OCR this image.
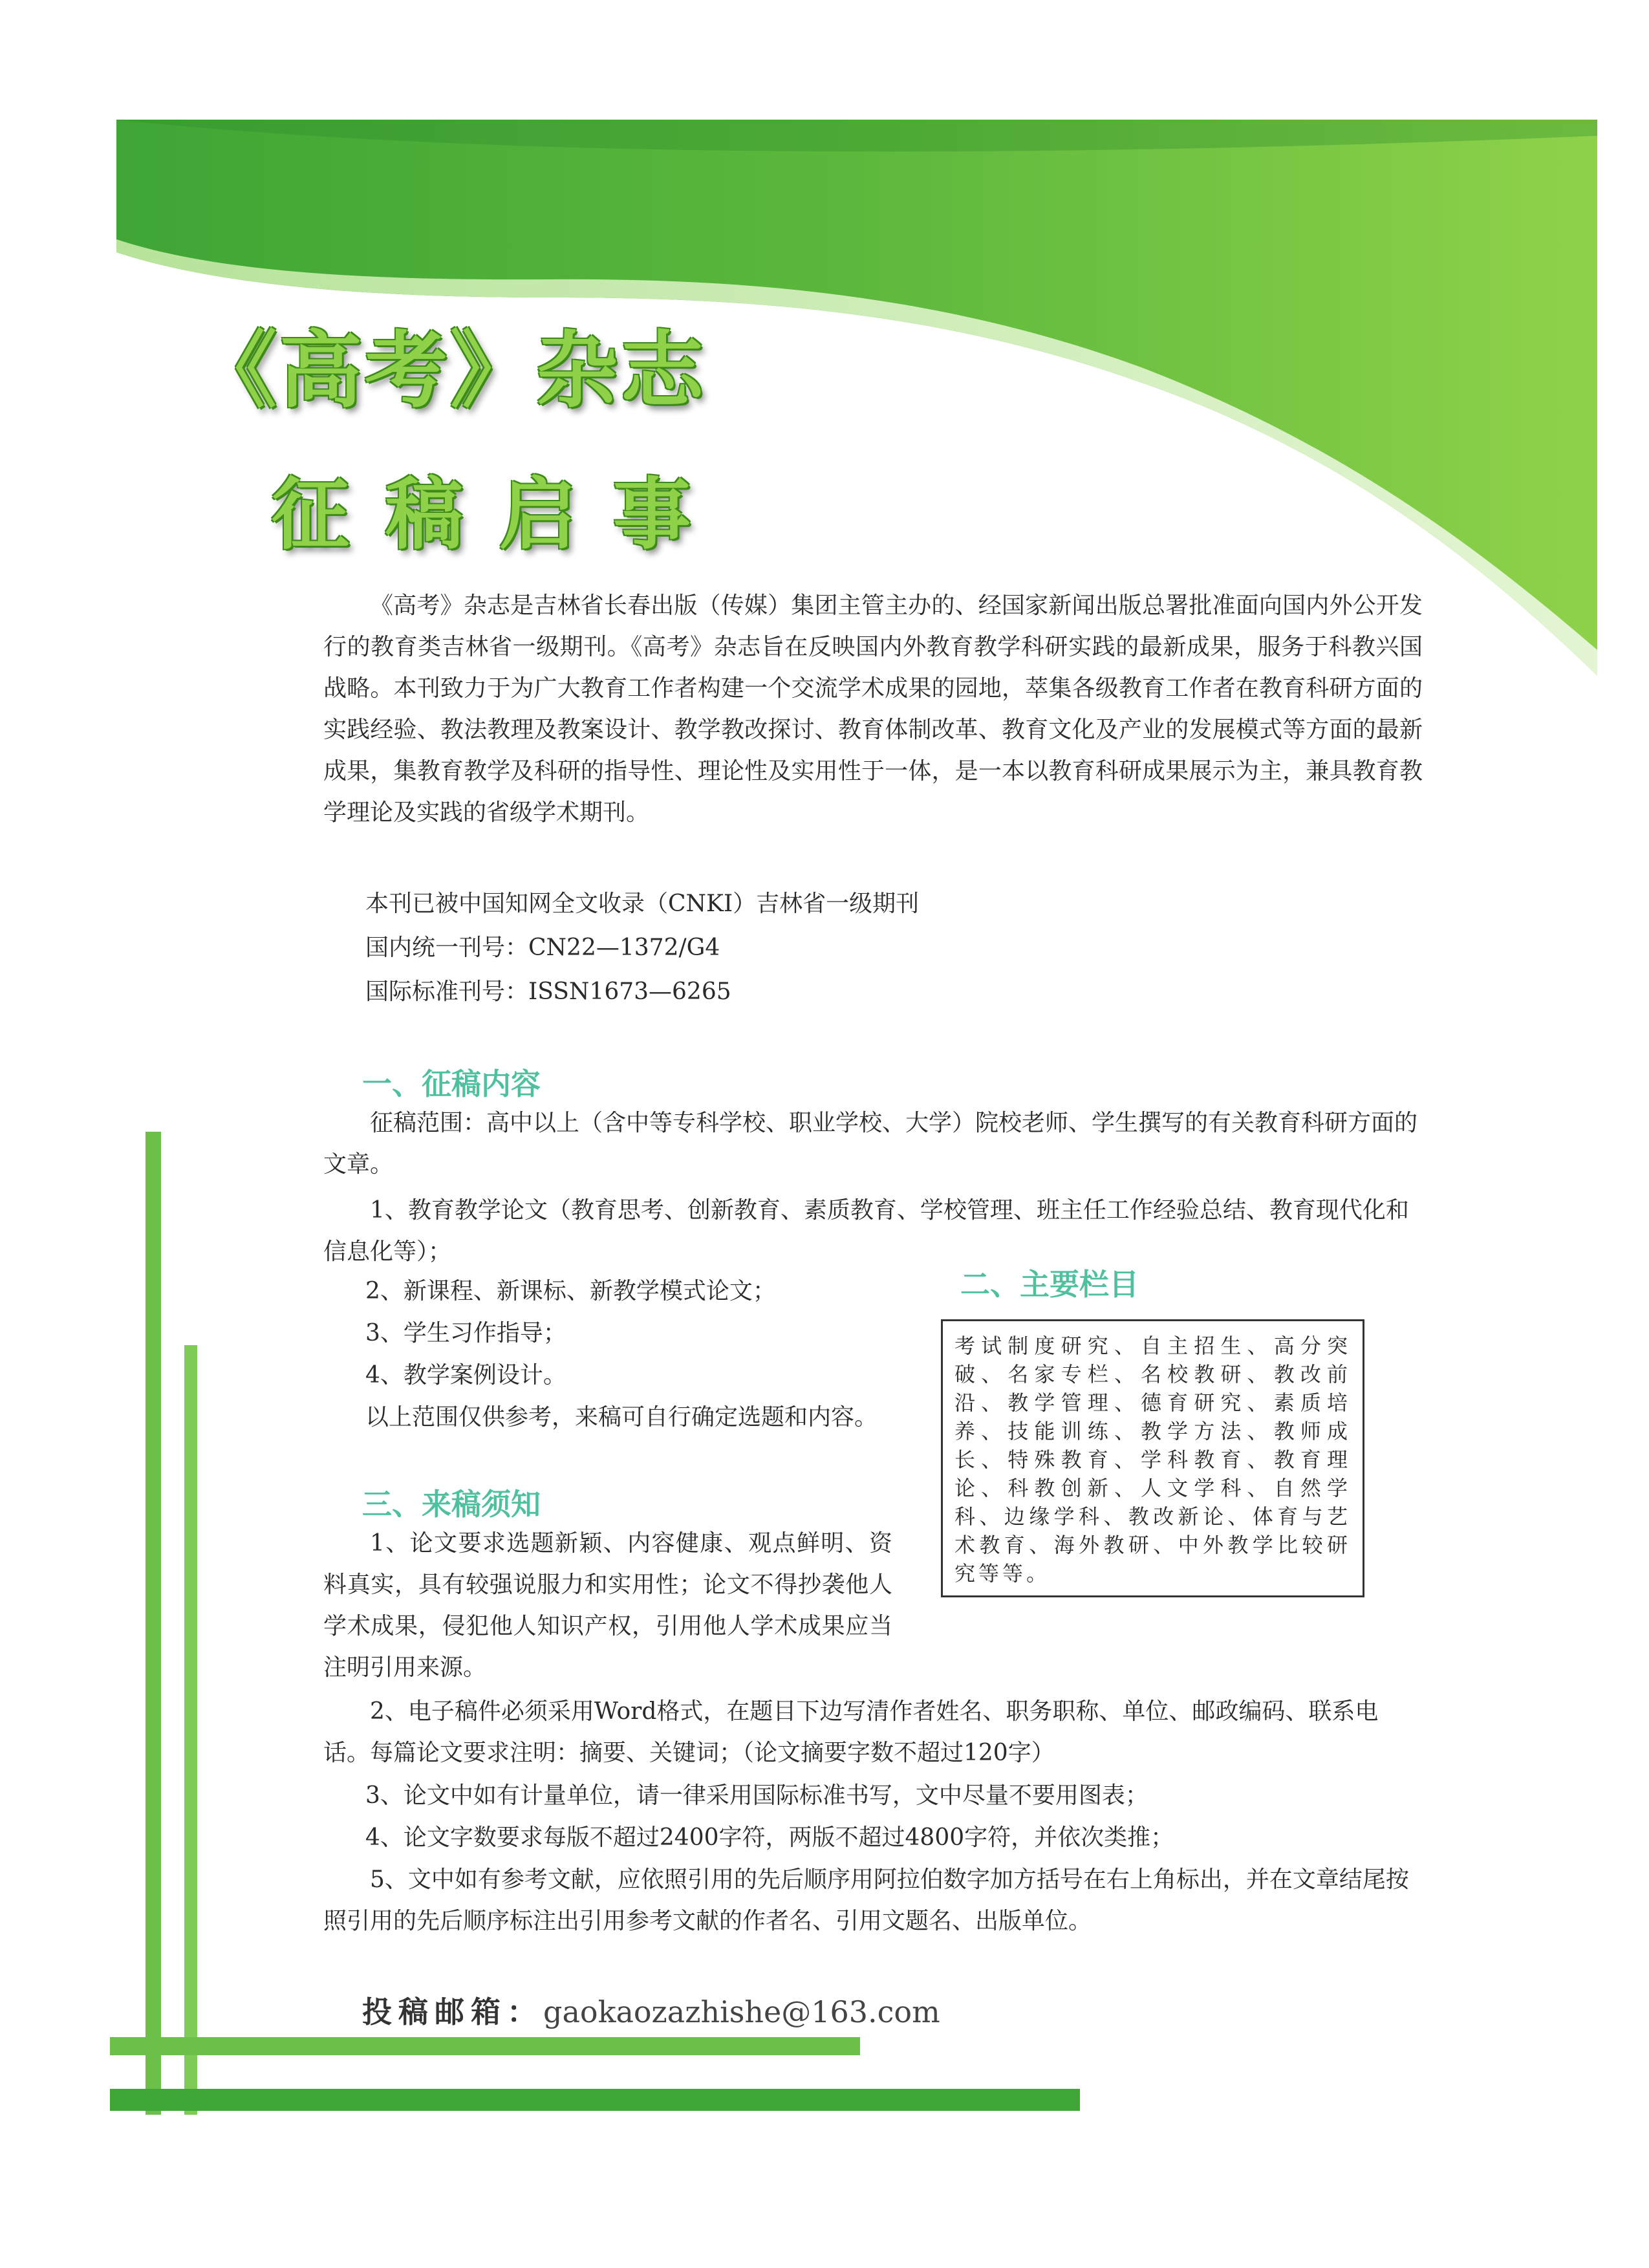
《高考》杂志
征稿启事
《高考》杂志是吉林省长春出版（传媒）集团主管主办的、经国家新闻出版总署批准面向国内外公开发行的教育类吉林省一级期刊。《高考》杂志旨在反映国内外教育教学科研实践的最新成果，服务于科教兴国战略。本刊致力于为广大教育工作者构建一个交流学术成果的园地，萃集各级教育工作者在教育科研方面的实践经验、教法教理及教案设计、教学教改探讨、教育体制改革、教育文化及产业的发展模式等方面的最新成果，集教育教学及科研的指导性、理论性及实用性于一体，是一本以教育科研成果展示为主，兼具教育教学理论及实践的省级学术期刊。
本刊已被中国知网全文收录（CNKI）吉林省一级期刊
国内统一刊号：CN22—1372/G4
国际标准刊号：ISSN1673—6265
一、征稿内容
征稿范围：高中以上（含中等专科学校、职业学校、大学）院校老师、学生撰写的有关教育科研方面的文章。
1、教育教学论文（教育思考、创新教育、素质教育、学校管理、班主任工作经验总结、教育现代化和信息化等）；
2、新课程、新课标、新教学模式论文；
3、学生习作指导；
4、教学案例设计。
以上范围仅供参考，来稿可自行确定选题和内容。
二、主要栏目
考试制度研究、自主招生、高分突破、名家专栏、名校教研、教改前沿、教学管理、德育研究、素质培养、技能训练、教学方法、教师成长、特殊教育、学科教育、教育理论、科教创新、人文学科、自然学科、边缘学科、教改新论、体育与艺术教育、海外教研、中外教学比较研究等等。
三、来稿须知
1、论文要求选题新颖、内容健康、观点鲜明、资料真实，具有较强说服力和实用性；论文不得抄袭他人学术成果，侵犯他人知识产权，引用他人学术成果应当注明引用来源。
2、电子稿件必须采用Word格式，在题目下边写清作者姓名、职务职称、单位、邮政编码、联系电话。每篇论文要求注明：摘要、关键词；（论文摘要字数不超过120字）
3、论文中如有计量单位，请一律采用国际标准书写，文中尽量不要用图表；
4、论文字数要求每版不超过2400字符，两版不超过4800字符，并依次类推；
5、文中如有参考文献，应依照引用的先后顺序用阿拉伯数字加方括号在右上角标出，并在文章结尾按照引用的先后顺序标注出引用参考文献的作者名、引用文题名、出版单位。
投稿邮箱：gaokaozazhishe@163.com
